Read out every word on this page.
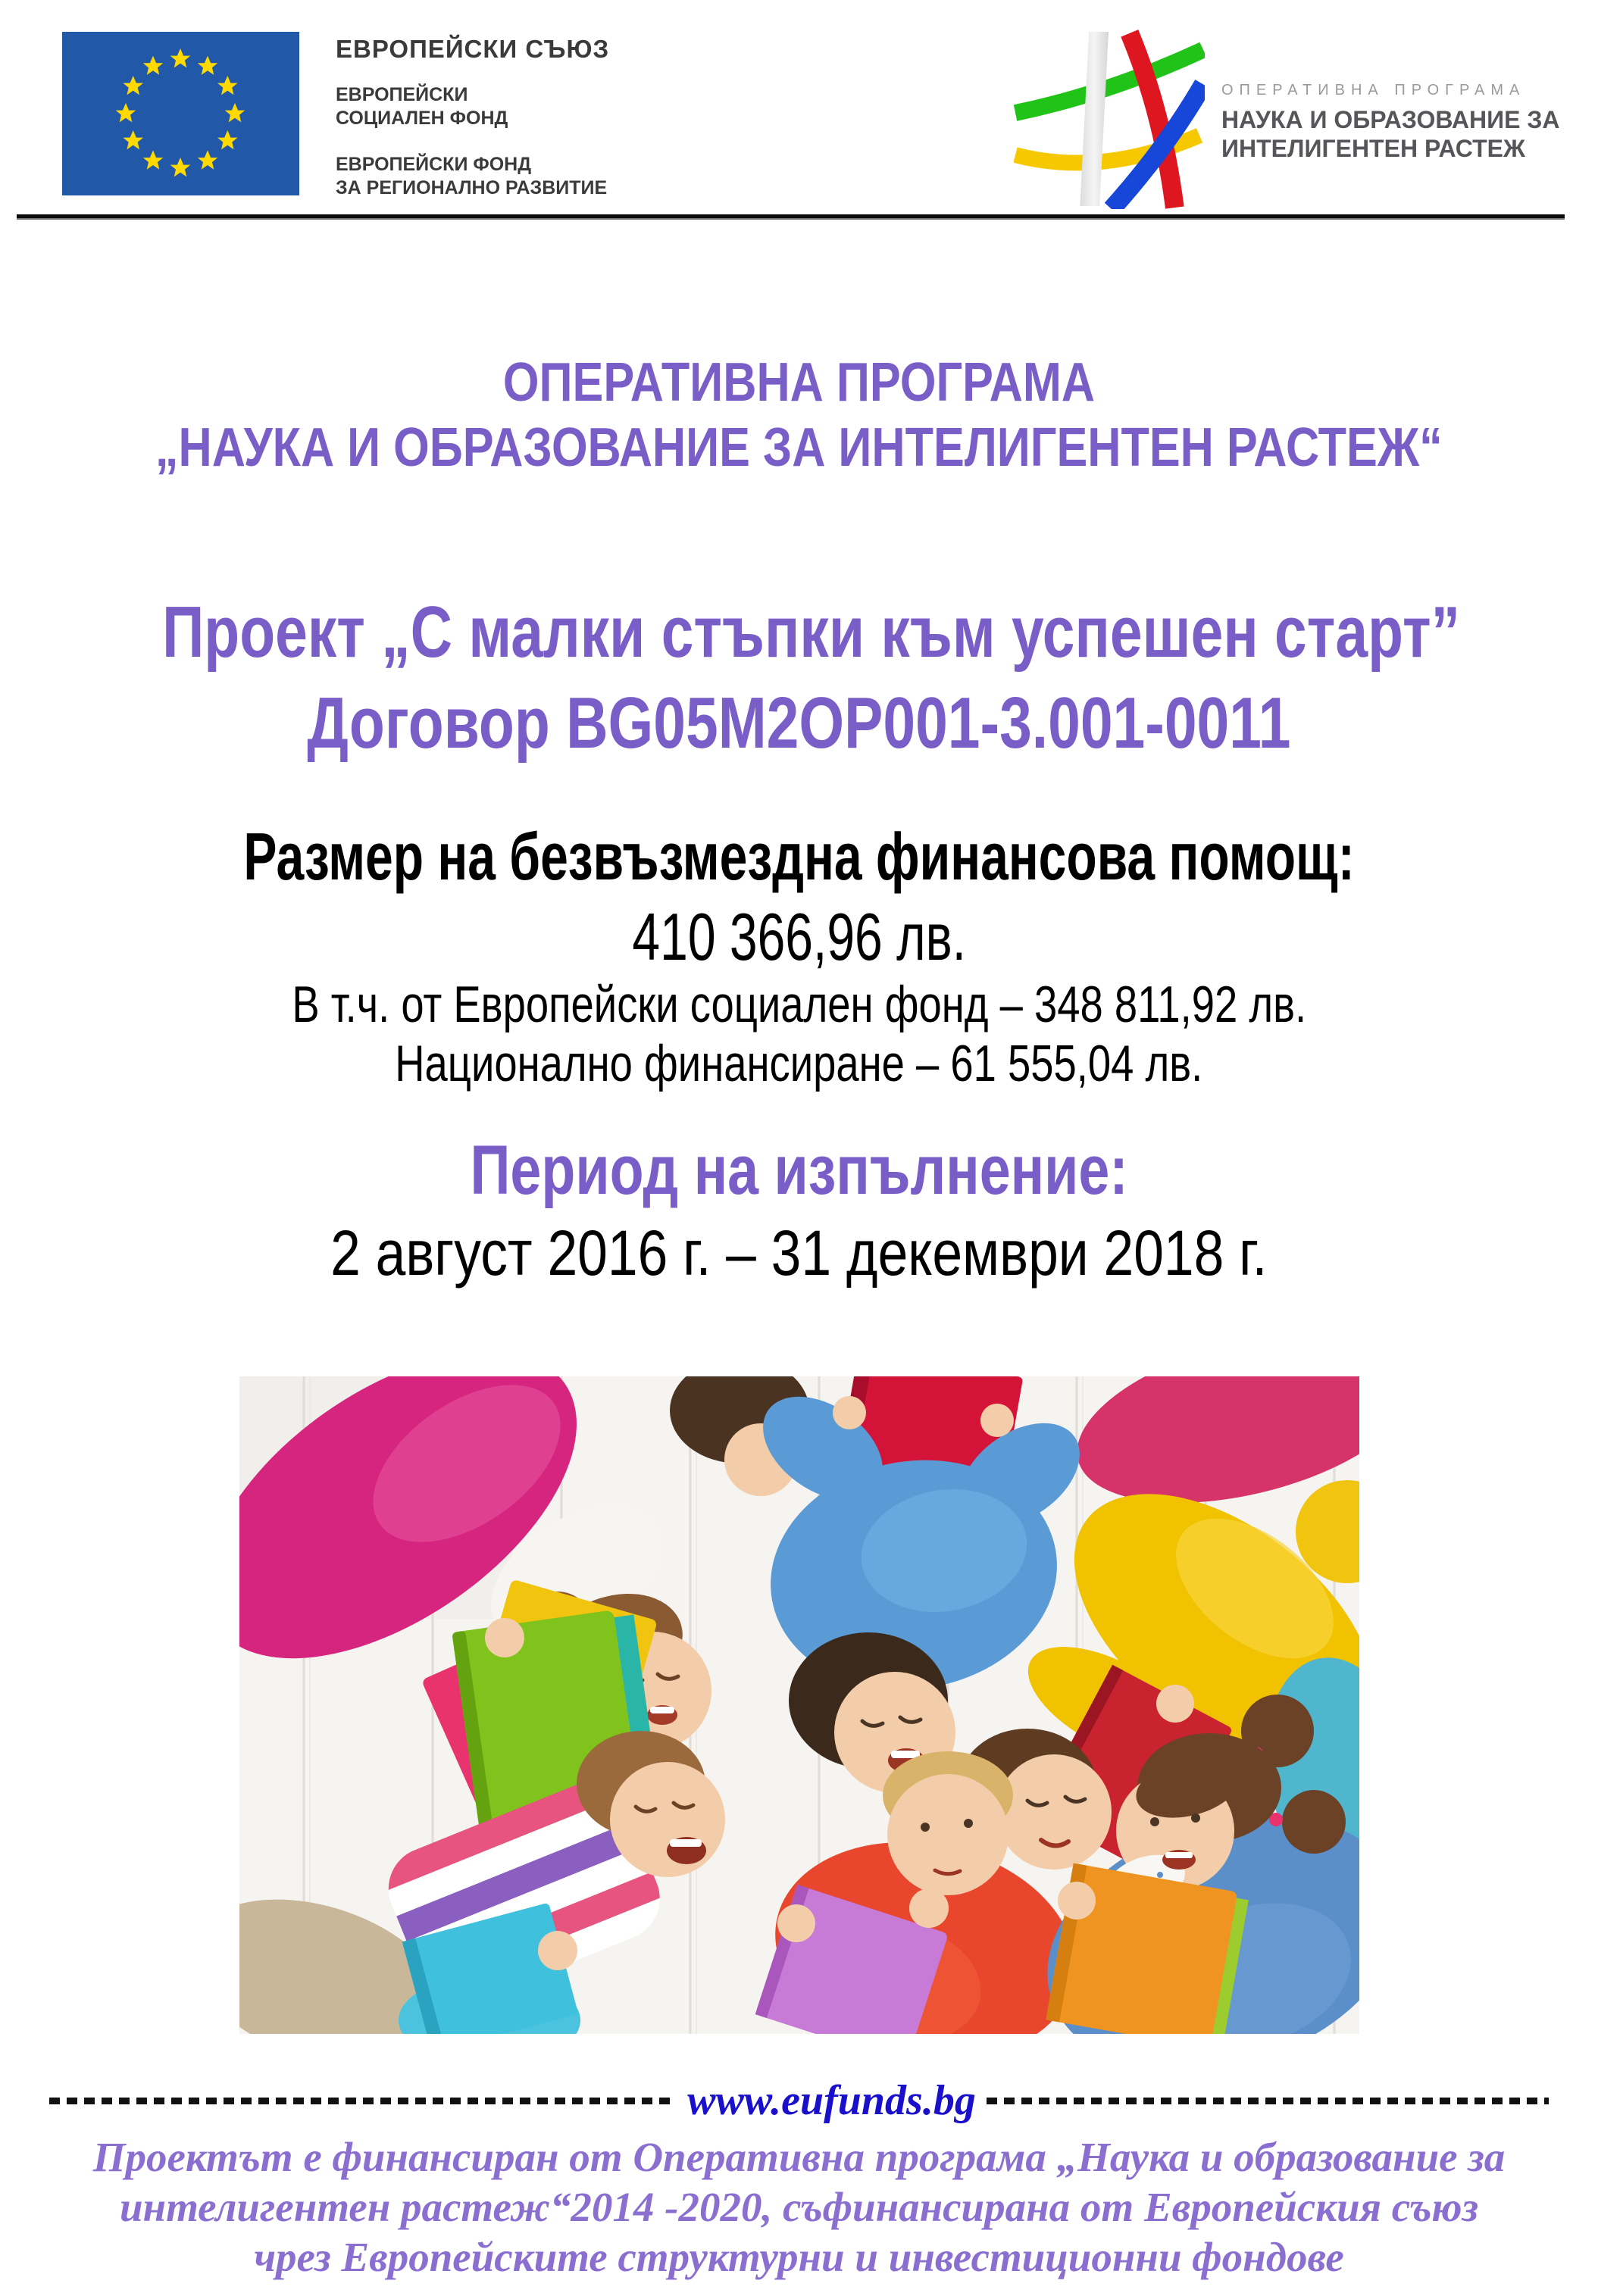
ЕВРОПЕЙСКИ СЪЮЗ
ЕВРОПЕЙСКИ
СОЦИАЛЕН ФОНД
ЕВРОПЕЙСКИ ФОНД
ЗА РЕГИОНАЛНО РАЗВИТИЕ
ОПЕРАТИВНА ПРОГРАМА
НАУКА И ОБРАЗОВАНИЕ ЗА
ИНТЕЛИГЕНТЕН РАСТЕЖ
ОПЕРАТИВНА ПРОГРАМА
„НАУКА И ОБРАЗОВАНИЕ ЗА ИНТЕЛИГЕНТЕН РАСТЕЖ“
Проект „С малки стъпки към успешен старт”
Договор BG05M2OP001-3.001-0011
Размер на безвъзмездна финансова помощ:
410 366,96 лв.
В т.ч. от Европейски социален фонд – 348 811,92 лв.
Национално финансиране – 61 555,04 лв.
Период на изпълнение:
2 август 2016 г. – 31 декември 2018 г.
www.eufunds.bg
Проектът е финансиран от Оперативна програма „Наука и образование за
интелигентен растеж“2014 -2020, съфинансирана от Европейския съюз
чрез Европейските структурни и инвестиционни фондове
